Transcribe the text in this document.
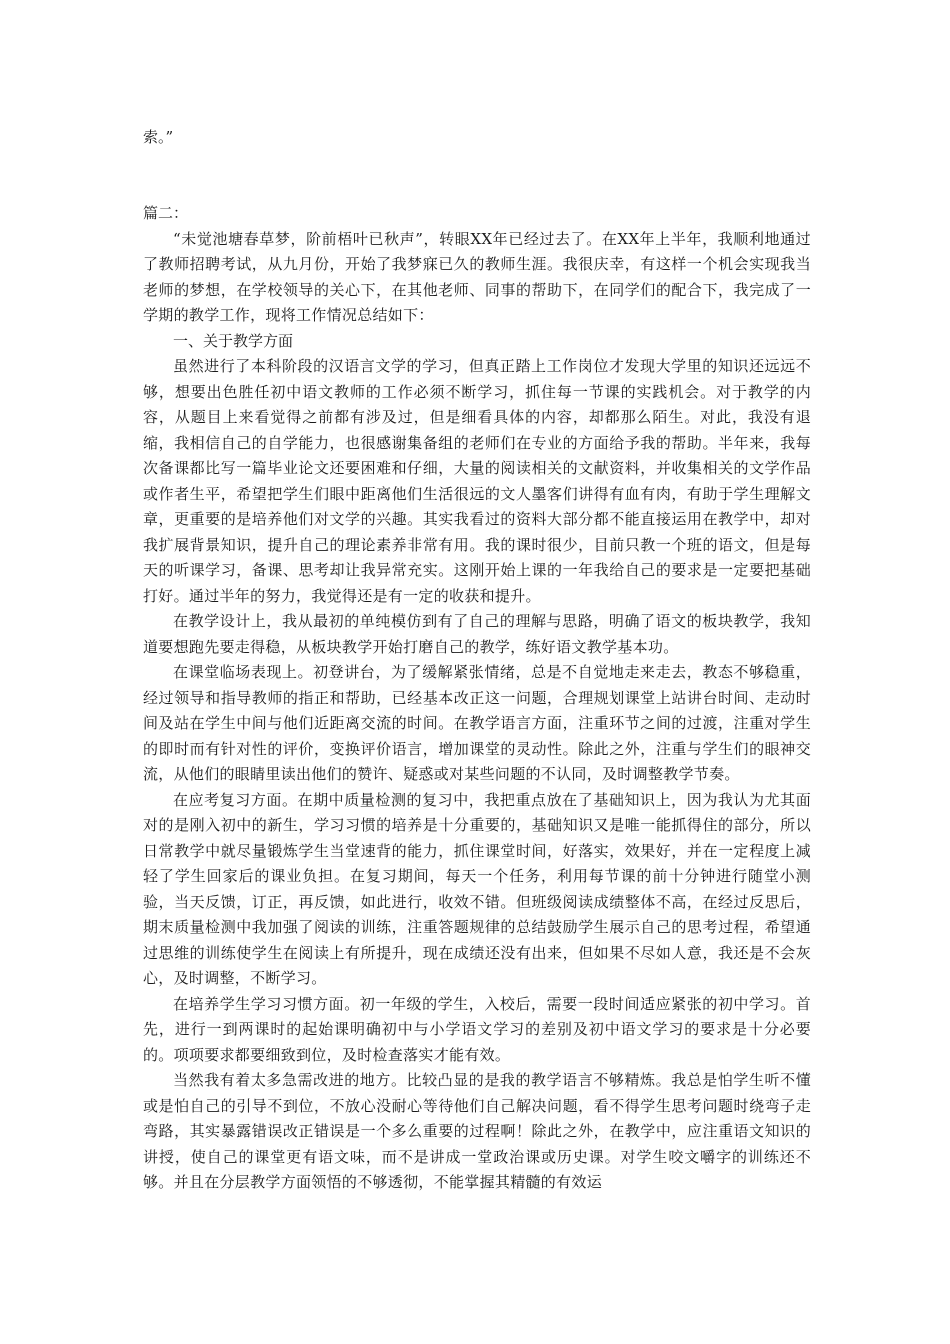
索。”

篇二：

“未觉池塘春草梦，阶前梧叶已秋声”，转眼XX年已经过去了。在XX年上半年，我顺利地通过了教师招聘考试，从九月份，开始了我梦寐已久的教师生涯。我很庆幸，有这样一个机会实现我当老师的梦想，在学校领导的关心下，在其他老师、同事的帮助下，在同学们的配合下，我完成了一学期的教学工作，现将工作情况总结如下：

一、关于教学方面

虽然进行了本科阶段的汉语言文学的学习，但真正踏上工作岗位才发现大学里的知识还远远不够，想要出色胜任初中语文教师的工作必须不断学习，抓住每一节课的实践机会。对于教学的内容，从题目上来看觉得之前都有涉及过，但是细看具体的内容，却都那么陌生。对此，我没有退缩，我相信自己的自学能力，也很感谢集备组的老师们在专业的方面给予我的帮助。半年来，我每次备课都比写一篇毕业论文还要困难和仔细，大量的阅读相关的文献资料，并收集相关的文学作品或作者生平，希望把学生们眼中距离他们生活很远的文人墨客们讲得有血有肉，有助于学生理解文章，更重要的是培养他们对文学的兴趣。其实我看过的资料大部分都不能直接运用在教学中，却对我扩展背景知识，提升自己的理论素养非常有用。我的课时很少，目前只教一个班的语文，但是每天的听课学习，备课、思考却让我异常充实。这刚开始上课的一年我给自己的要求是一定要把基础打好。通过半年的努力，我觉得还是有一定的收获和提升。

在教学设计上，我从最初的单纯模仿到有了自己的理解与思路，明确了语文的板块教学，我知道要想跑先要走得稳，从板块教学开始打磨自己的教学，练好语文教学基本功。

在课堂临场表现上。初登讲台，为了缓解紧张情绪，总是不自觉地走来走去，教态不够稳重，经过领导和指导教师的指正和帮助，已经基本改正这一问题，合理规划课堂上站讲台时间、走动时间及站在学生中间与他们近距离交流的时间。在教学语言方面，注重环节之间的过渡，注重对学生的即时而有针对性的评价，变换评价语言，增加课堂的灵动性。除此之外，注重与学生们的眼神交流，从他们的眼睛里读出他们的赞许、疑惑或对某些问题的不认同，及时调整教学节奏。

在应考复习方面。在期中质量检测的复习中，我把重点放在了基础知识上，因为我认为尤其面对的是刚入初中的新生，学习习惯的培养是十分重要的，基础知识又是唯一能抓得住的部分，所以日常教学中就尽量锻炼学生当堂速背的能力，抓住课堂时间，好落实，效果好，并在一定程度上减轻了学生回家后的课业负担。在复习期间，每天一个任务，利用每节课的前十分钟进行随堂小测验，当天反馈，订正，再反馈，如此进行，收效不错。但班级阅读成绩整体不高，在经过反思后，期末质量检测中我加强了阅读的训练，注重答题规律的总结鼓励学生展示自己的思考过程，希望通过思维的训练使学生在阅读上有所提升，现在成绩还没有出来，但如果不尽如人意，我还是不会灰心，及时调整，不断学习。

在培养学生学习习惯方面。初一年级的学生，入校后，需要一段时间适应紧张的初中学习。首先，进行一到两课时的起始课明确初中与小学语文学习的差别及初中语文学习的要求是十分必要的。项项要求都要细致到位，及时检查落实才能有效。

当然我有着太多急需改进的地方。比较凸显的是我的教学语言不够精炼。我总是怕学生听不懂或是怕自己的引导不到位，不放心没耐心等待他们自己解决问题，看不得学生思考问题时绕弯子走弯路，其实暴露错误改正错误是一个多么重要的过程啊！除此之外，在教学中，应注重语文知识的讲授，使自己的课堂更有语文味，而不是讲成一堂政治课或历史课。对学生咬文嚼字的训练还不够。并且在分层教学方面领悟的不够透彻，不能掌握其精髓的有效运
